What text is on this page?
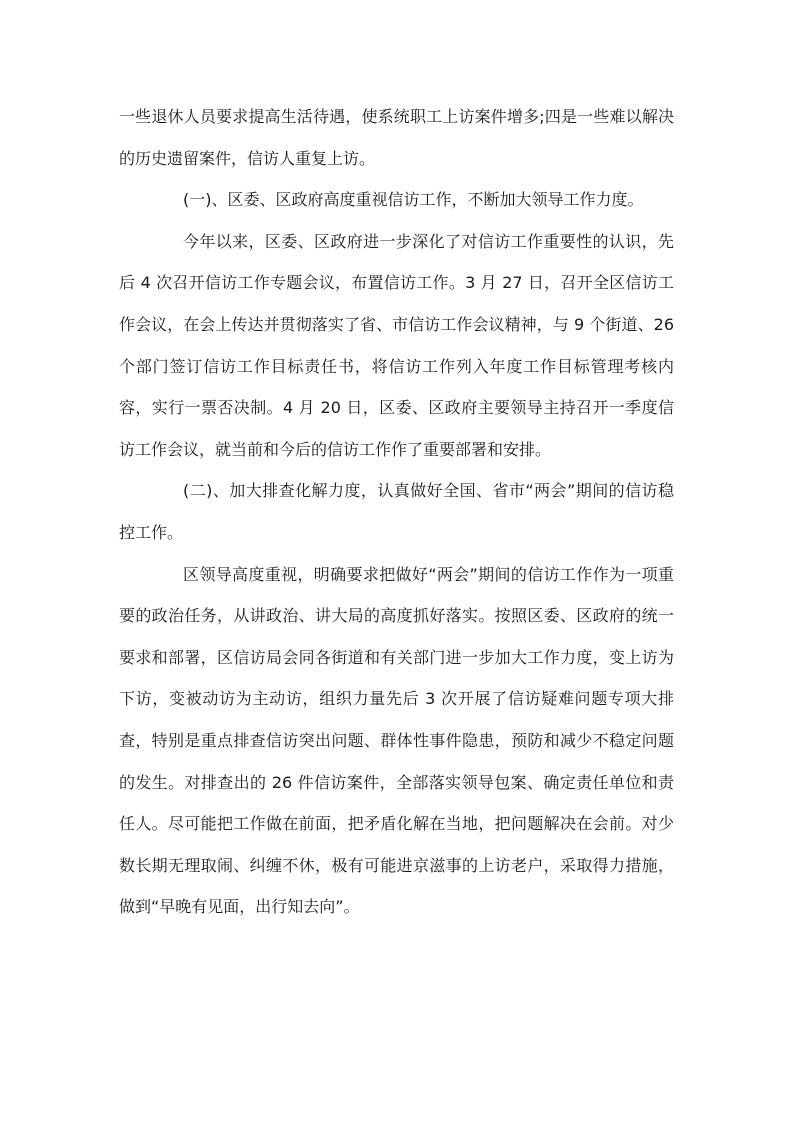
一些退休人员要求提高生活待遇，使系统职工上访案件增多;四是一些难以解决的历史遗留案件，信访人重复上访。

(一)、区委、区政府高度重视信访工作，不断加大领导工作力度。

今年以来，区委、区政府进一步深化了对信访工作重要性的认识，先后 4 次召开信访工作专题会议，布置信访工作。3 月 27 日，召开全区信访工作会议，在会上传达并贯彻落实了省、市信访工作会议精神，与 9 个街道、26 个部门签订信访工作目标责任书，将信访工作列入年度工作目标管理考核内容，实行一票否决制。4 月 20 日，区委、区政府主要领导主持召开一季度信访工作会议，就当前和今后的信访工作作了重要部署和安排。

(二)、加大排查化解力度，认真做好全国、省市“两会”期间的信访稳控工作。

区领导高度重视，明确要求把做好“两会”期间的信访工作作为一项重要的政治任务，从讲政治、讲大局的高度抓好落实。按照区委、区政府的统一要求和部署，区信访局会同各街道和有关部门进一步加大工作力度，变上访为下访，变被动访为主动访，组织力量先后 3 次开展了信访疑难问题专项大排查，特别是重点排查信访突出问题、群体性事件隐患，预防和减少不稳定问题的发生。对排查出的 26 件信访案件，全部落实领导包案、确定责任单位和责任人。尽可能把工作做在前面，把矛盾化解在当地，把问题解决在会前。对少数长期无理取闹、纠缠不休，极有可能进京滋事的上访老户，采取得力措施，做到“早晚有见面，出行知去向”。
